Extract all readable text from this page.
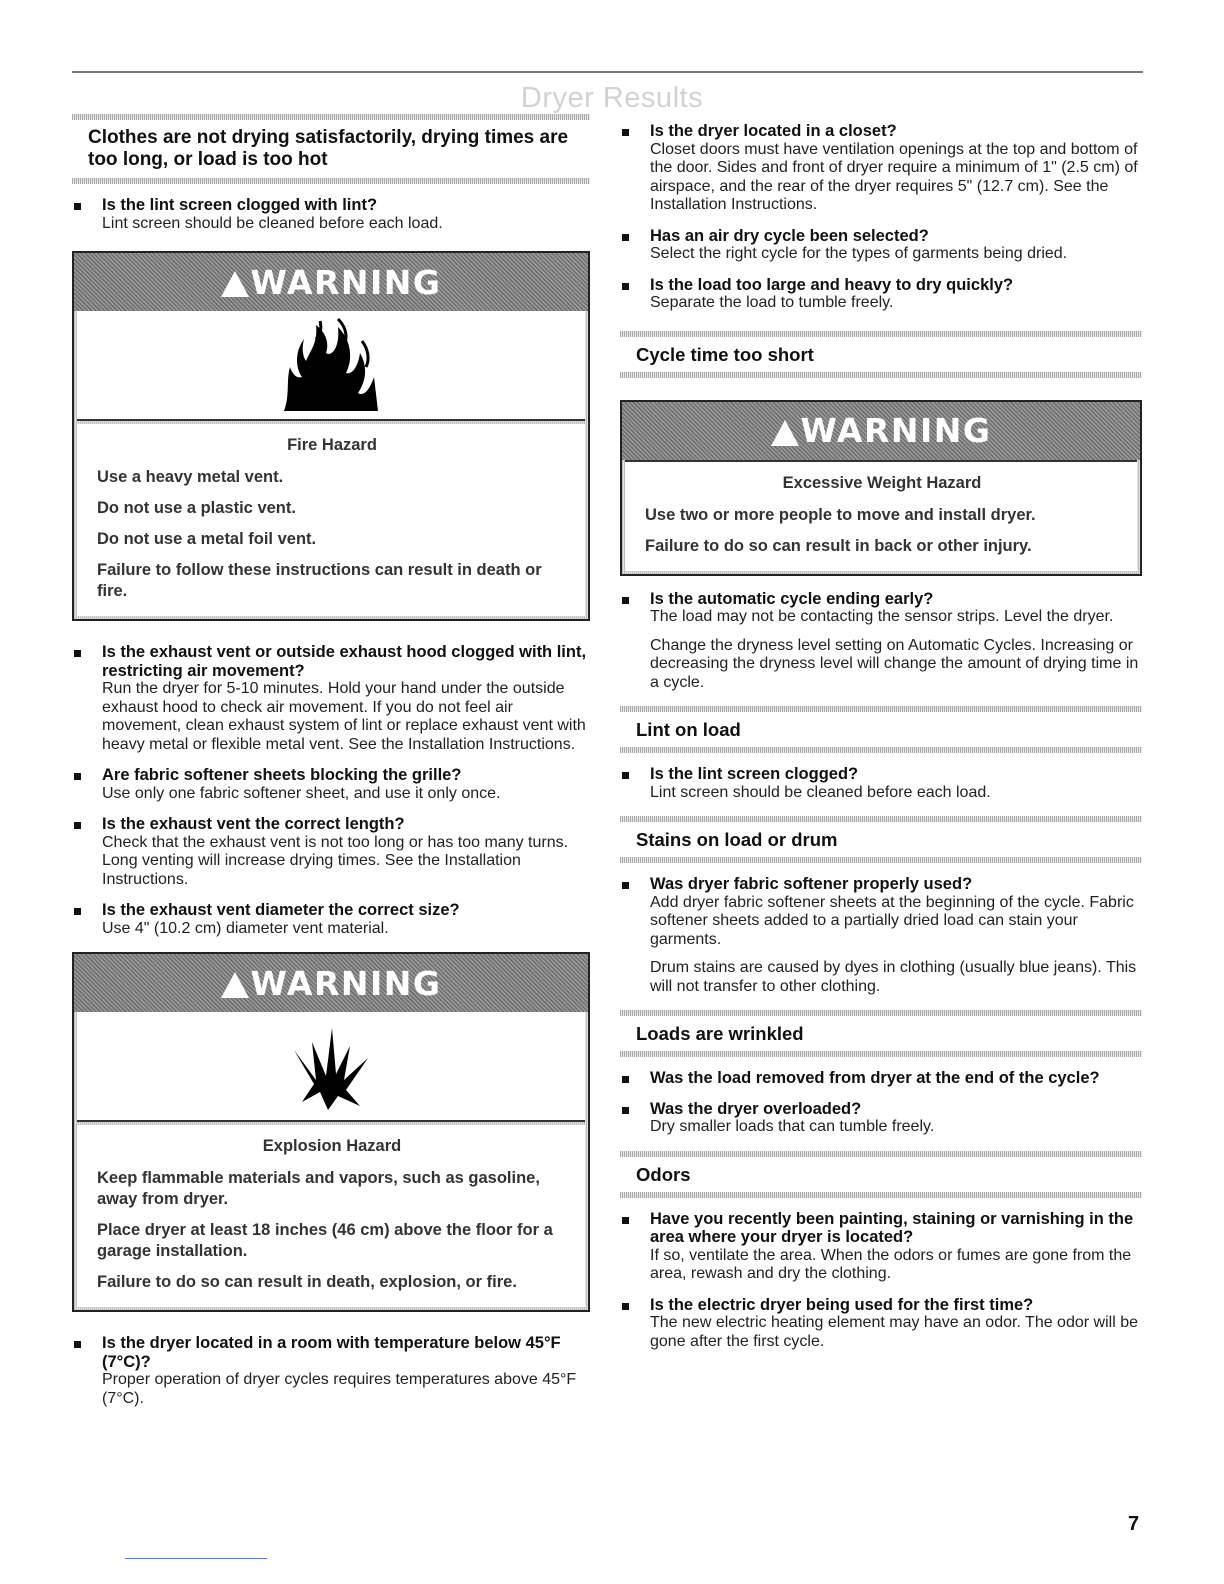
Dryer Results
Clothes are not drying satisfactorily, drying times are too long, or load is too hot
Is the lint screen clogged with lint?
Lint screen should be cleaned before each load.
WARNING
Fire Hazard
Use a heavy metal vent.
Do not use a plastic vent.
Do not use a metal foil vent.
Failure to follow these instructions can result in death or fire.
Is the exhaust vent or outside exhaust hood clogged with lint, restricting air movement?
Run the dryer for 5-10 minutes. Hold your hand under the outside exhaust hood to check air movement. If you do not feel air movement, clean exhaust system of lint or replace exhaust vent with heavy metal or flexible metal vent. See the Installation Instructions.
Are fabric softener sheets blocking the grille?
Use only one fabric softener sheet, and use it only once.
Is the exhaust vent the correct length?
Check that the exhaust vent is not too long or has too many turns. Long venting will increase drying times. See the Installation Instructions.
Is the exhaust vent diameter the correct size?
Use 4" (10.2 cm) diameter vent material.
WARNING
Explosion Hazard
Keep flammable materials and vapors, such as gasoline, away from dryer.
Place dryer at least 18 inches (46 cm) above the floor for a garage installation.
Failure to do so can result in death, explosion, or fire.
Is the dryer located in a room with temperature below 45°F (7°C)?
Proper operation of dryer cycles requires temperatures above 45°F (7°C).
Is the dryer located in a closet?
Closet doors must have ventilation openings at the top and bottom of the door. Sides and front of dryer require a minimum of 1" (2.5 cm) of airspace, and the rear of the dryer requires 5" (12.7 cm). See the Installation Instructions.
Has an air dry cycle been selected?
Select the right cycle for the types of garments being dried.
Is the load too large and heavy to dry quickly?
Separate the load to tumble freely.
Cycle time too short
WARNING
Excessive Weight Hazard
Use two or more people to move and install dryer.
Failure to do so can result in back or other injury.
Is the automatic cycle ending early?
The load may not be contacting the sensor strips. Level the dryer.
Change the dryness level setting on Automatic Cycles. Increasing or decreasing the dryness level will change the amount of drying time in a cycle.
Lint on load
Is the lint screen clogged?
Lint screen should be cleaned before each load.
Stains on load or drum
Was dryer fabric softener properly used?
Add dryer fabric softener sheets at the beginning of the cycle. Fabric softener sheets added to a partially dried load can stain your garments.
Drum stains are caused by dyes in clothing (usually blue jeans). This will not transfer to other clothing.
Loads are wrinkled
Was the load removed from dryer at the end of the cycle?
Was the dryer overloaded?
Dry smaller loads that can tumble freely.
Odors
Have you recently been painting, staining or varnishing in the area where your dryer is located?
If so, ventilate the area. When the odors or fumes are gone from the area, rewash and dry the clothing.
Is the electric dryer being used for the first time?
The new electric heating element may have an odor. The odor will be gone after the first cycle.
7
